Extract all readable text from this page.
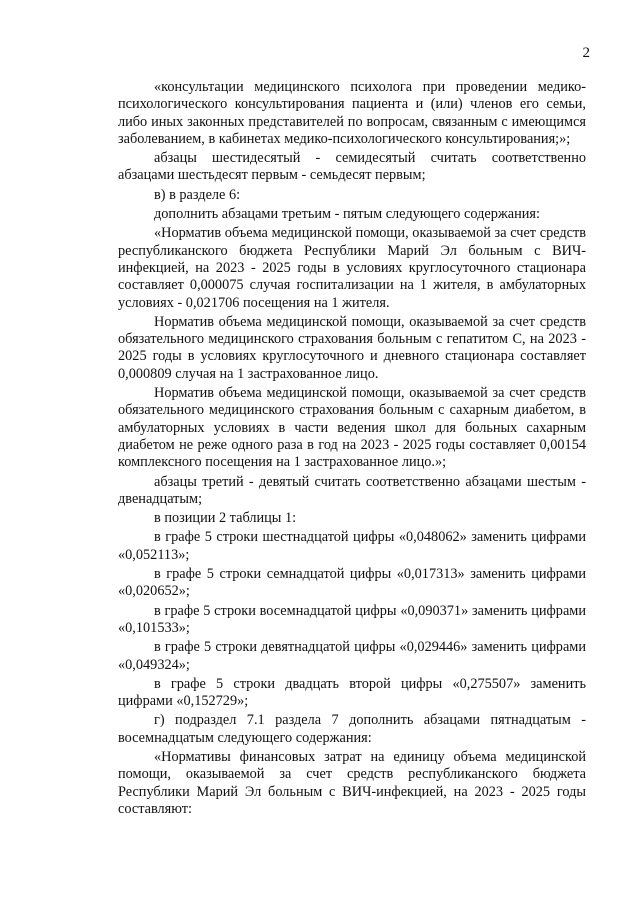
2

«консультации медицинского психолога при проведении медико-психологического консультирования пациента и (или) членов его семьи, либо иных законных представителей по вопросам, связанным с имеющимся заболеванием, в кабинетах медико-психологического консультирования;»;

абзацы шестидесятый - семидесятый считать соответственно абзацами шестьдесят первым - семьдесят первым;

в) в разделе 6:

дополнить абзацами третьим - пятым следующего содержания:

«Норматив объема медицинской помощи, оказываемой за счет средств республиканского бюджета Республики Марий Эл больным с ВИЧ-инфекцией, на 2023 - 2025 годы в условиях круглосуточного стационара составляет 0,000075 случая госпитализации на 1 жителя, в амбулаторных условиях - 0,021706 посещения на 1 жителя.

Норматив объема медицинской помощи, оказываемой за счет средств обязательного медицинского страхования больным с гепатитом С, на 2023 - 2025 годы в условиях круглосуточного и дневного стационара составляет 0,000809 случая на 1 застрахованное лицо.

Норматив объема медицинской помощи, оказываемой за счет средств обязательного медицинского страхования больным с сахарным диабетом, в амбулаторных условиях в части ведения школ для больных сахарным диабетом не реже одного раза в год на 2023 - 2025 годы составляет 0,00154 комплексного посещения на 1 застрахованное лицо.»;

абзацы третий - девятый считать соответственно абзацами шестым - двенадцатым;

в позиции 2 таблицы 1:

в графе 5 строки шестнадцатой цифры «0,048062» заменить цифрами «0,052113»;

в графе 5 строки семнадцатой цифры «0,017313» заменить цифрами «0,020652»;

в графе 5 строки восемнадцатой цифры «0,090371» заменить цифрами «0,101533»;

в графе 5 строки девятнадцатой цифры «0,029446» заменить цифрами «0,049324»;

в графе 5 строки двадцать второй цифры «0,275507» заменить цифрами «0,152729»;

г) подраздел 7.1 раздела 7 дополнить абзацами пятнадцатым - восемнадцатым следующего содержания:

«Нормативы финансовых затрат на единицу объема медицинской помощи, оказываемой за счет средств республиканского бюджета Республики Марий Эл больным с ВИЧ-инфекцией, на 2023 - 2025 годы составляют:
